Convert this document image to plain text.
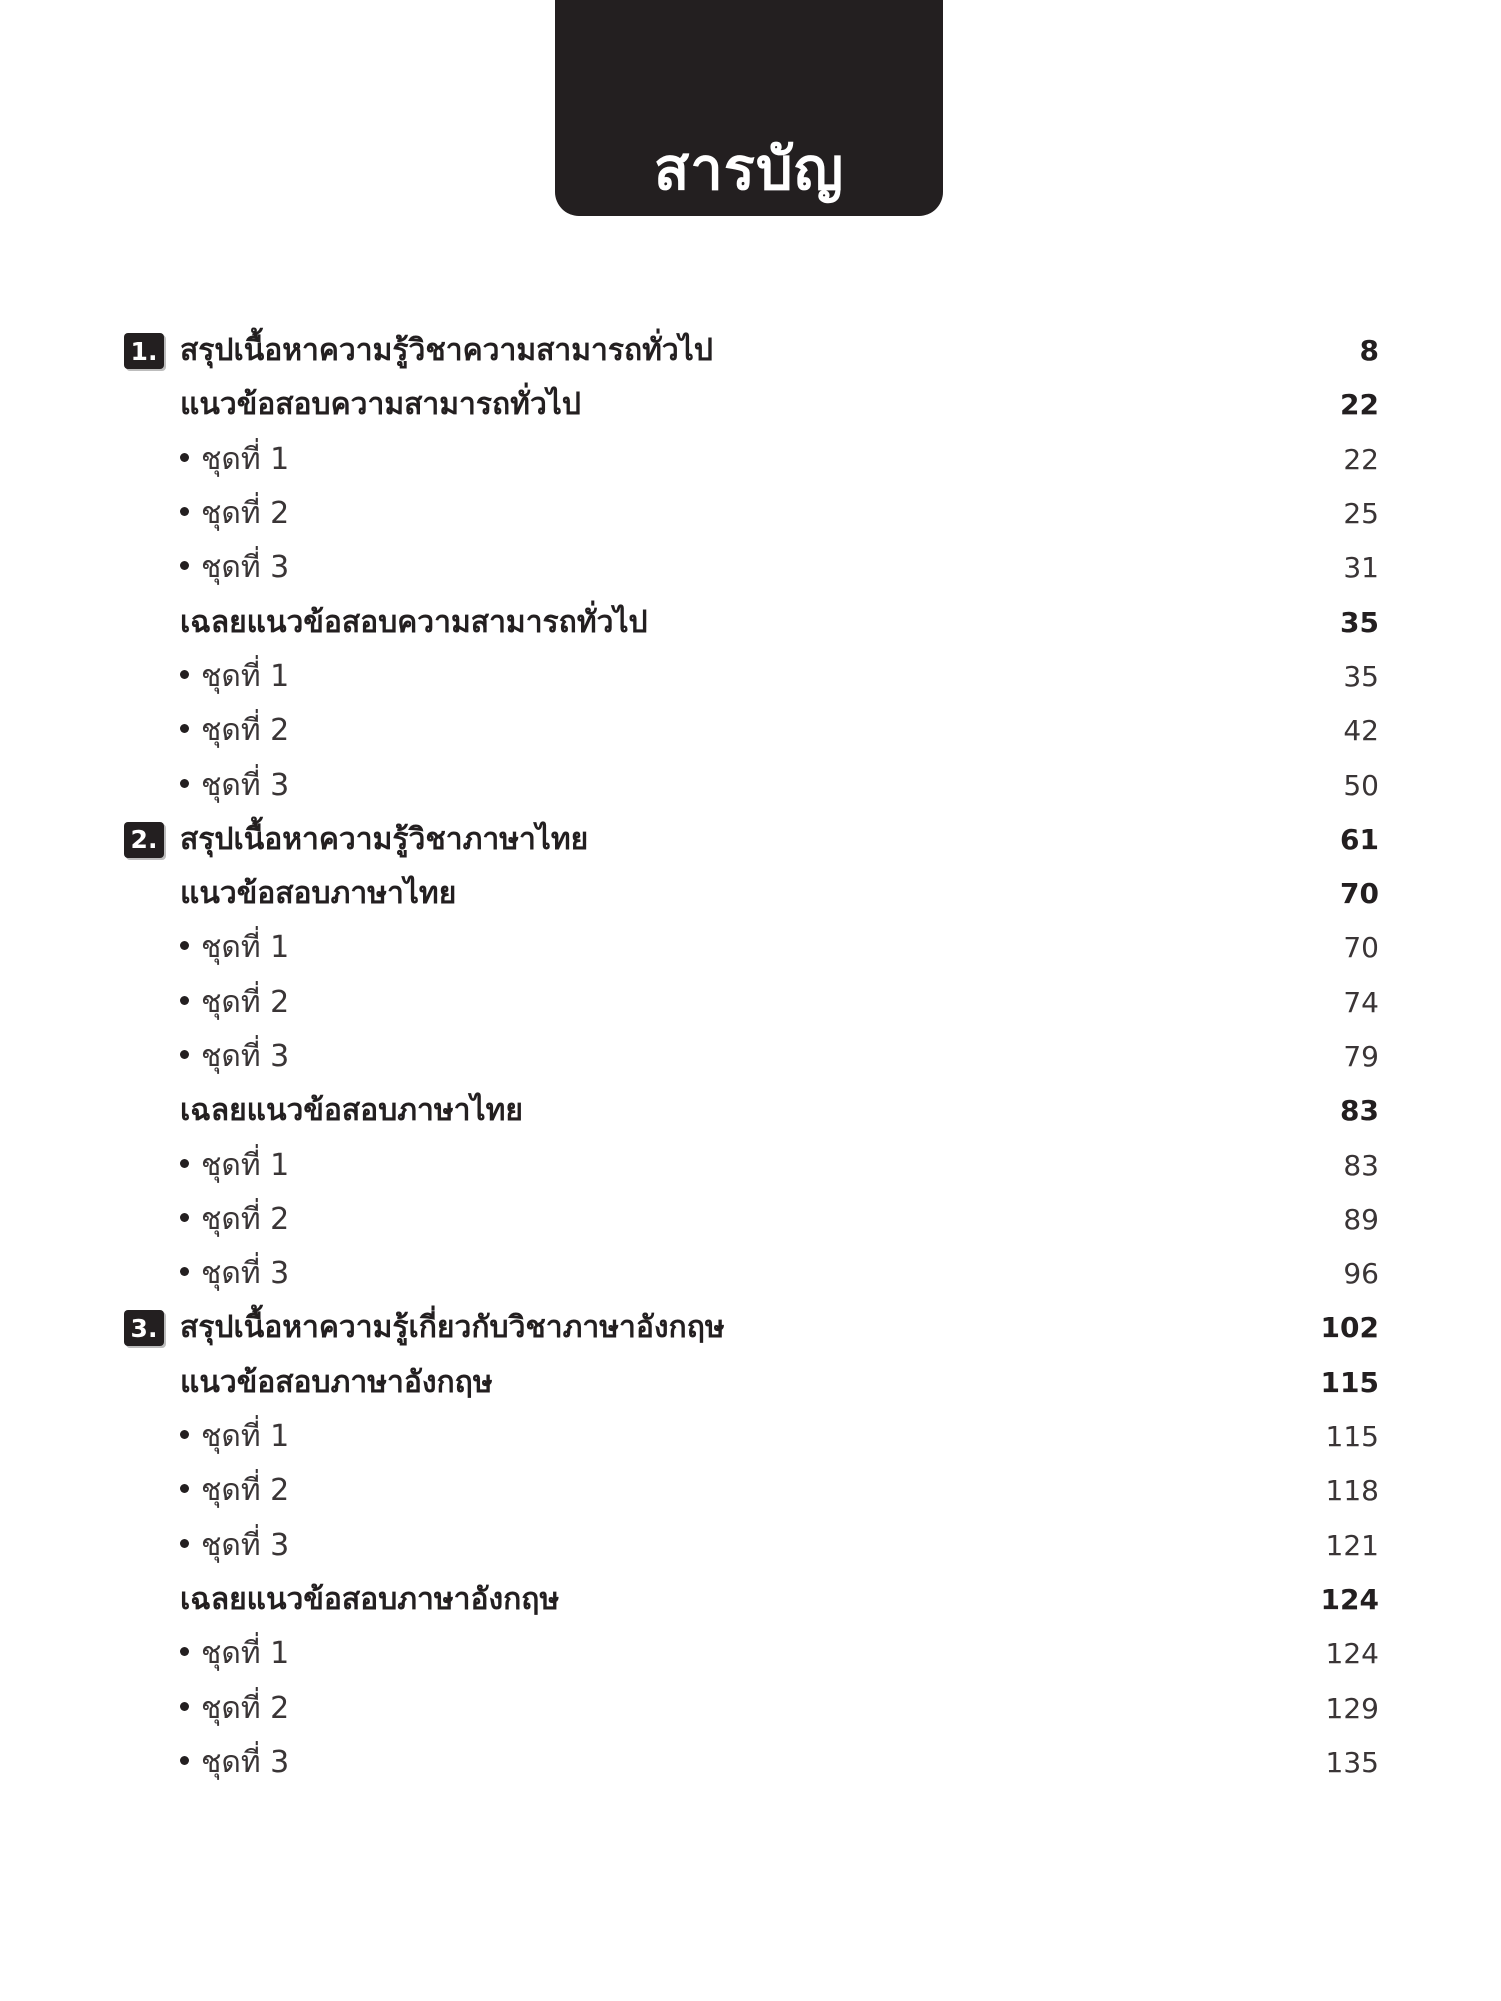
สารบัญ
1. สรุปเนื้อหาความรู้วิชาความสามารถทั่วไป	8
แนวข้อสอบความสามารถทั่วไป	22
ชุดที่ 1	22
ชุดที่ 2	25
ชุดที่ 3	31
เฉลยแนวข้อสอบความสามารถทั่วไป	35
ชุดที่ 1	35
ชุดที่ 2	42
ชุดที่ 3	50
2. สรุปเนื้อหาความรู้วิชาภาษาไทย	61
แนวข้อสอบภาษาไทย	70
ชุดที่ 1	70
ชุดที่ 2	74
ชุดที่ 3	79
เฉลยแนวข้อสอบภาษาไทย	83
ชุดที่ 1	83
ชุดที่ 2	89
ชุดที่ 3	96
3. สรุปเนื้อหาความรู้เกี่ยวกับวิชาภาษาอังกฤษ	102
แนวข้อสอบภาษาอังกฤษ	115
ชุดที่ 1	115
ชุดที่ 2	118
ชุดที่ 3	121
เฉลยแนวข้อสอบภาษาอังกฤษ	124
ชุดที่ 1	124
ชุดที่ 2	129
ชุดที่ 3	135
